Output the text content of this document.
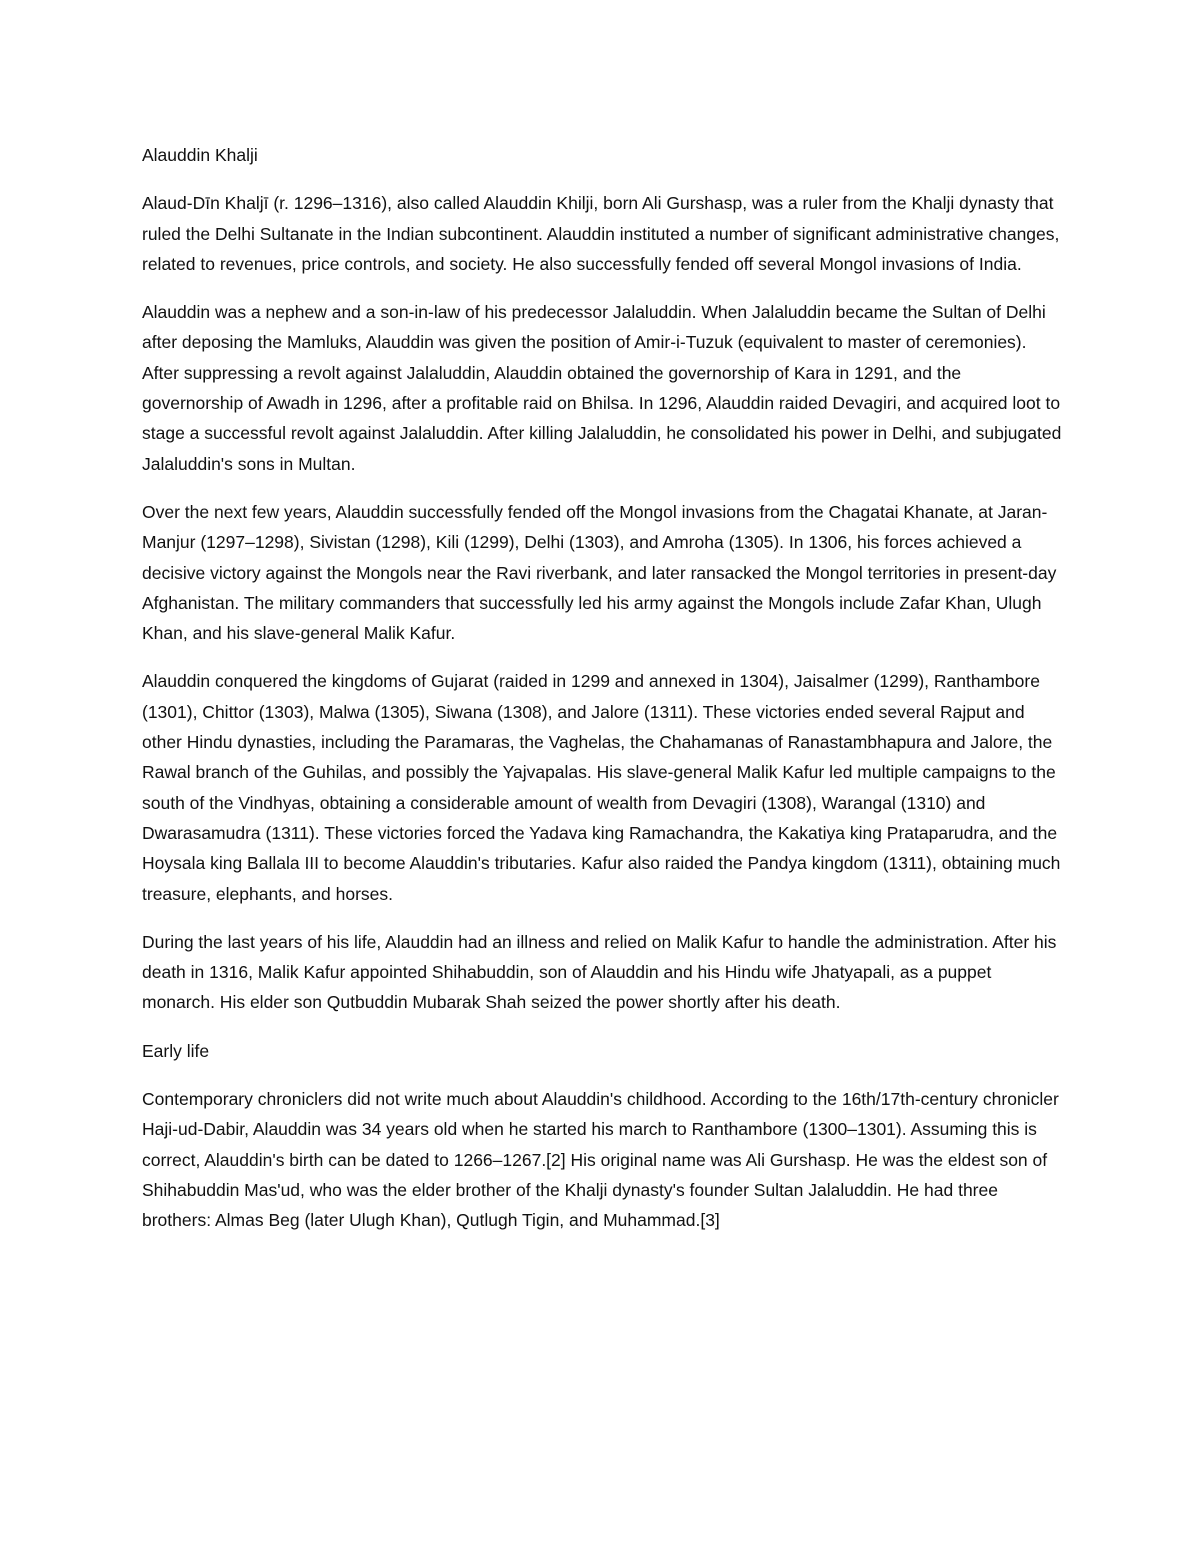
Alauddin Khalji

Alaud-Dīn Khaljī (r. 1296–1316), also called Alauddin Khilji, born Ali Gurshasp, was a ruler from the Khalji dynasty that ruled the Delhi Sultanate in the Indian subcontinent. Alauddin instituted a number of significant administrative changes, related to revenues, price controls, and society. He also successfully fended off several Mongol invasions of India.

Alauddin was a nephew and a son-in-law of his predecessor Jalaluddin. When Jalaluddin became the Sultan of Delhi after deposing the Mamluks, Alauddin was given the position of Amir-i-Tuzuk (equivalent to master of ceremonies). After suppressing a revolt against Jalaluddin, Alauddin obtained the governorship of Kara in 1291, and the governorship of Awadh in 1296, after a profitable raid on Bhilsa. In 1296, Alauddin raided Devagiri, and acquired loot to stage a successful revolt against Jalaluddin. After killing Jalaluddin, he consolidated his power in Delhi, and subjugated Jalaluddin's sons in Multan.

Over the next few years, Alauddin successfully fended off the Mongol invasions from the Chagatai Khanate, at Jaran-Manjur (1297–1298), Sivistan (1298), Kili (1299), Delhi (1303), and Amroha (1305). In 1306, his forces achieved a decisive victory against the Mongols near the Ravi riverbank, and later ransacked the Mongol territories in present-day Afghanistan. The military commanders that successfully led his army against the Mongols include Zafar Khan, Ulugh Khan, and his slave-general Malik Kafur.

Alauddin conquered the kingdoms of Gujarat (raided in 1299 and annexed in 1304), Jaisalmer (1299), Ranthambore (1301), Chittor (1303), Malwa (1305), Siwana (1308), and Jalore (1311). These victories ended several Rajput and other Hindu dynasties, including the Paramaras, the Vaghelas, the Chahamanas of Ranastambhapura and Jalore, the Rawal branch of the Guhilas, and possibly the Yajvapalas. His slave-general Malik Kafur led multiple campaigns to the south of the Vindhyas, obtaining a considerable amount of wealth from Devagiri (1308), Warangal (1310) and Dwarasamudra (1311). These victories forced the Yadava king Ramachandra, the Kakatiya king Prataparudra, and the Hoysala king Ballala III to become Alauddin's tributaries. Kafur also raided the Pandya kingdom (1311), obtaining much treasure, elephants, and horses.

During the last years of his life, Alauddin had an illness and relied on Malik Kafur to handle the administration. After his death in 1316, Malik Kafur appointed Shihabuddin, son of Alauddin and his Hindu wife Jhatyapali, as a puppet monarch. His elder son Qutbuddin Mubarak Shah seized the power shortly after his death.

Early life

Contemporary chroniclers did not write much about Alauddin's childhood. According to the 16th/17th-century chronicler Haji-ud-Dabir, Alauddin was 34 years old when he started his march to Ranthambore (1300–1301). Assuming this is correct, Alauddin's birth can be dated to 1266–1267.[2] His original name was Ali Gurshasp. He was the eldest son of Shihabuddin Mas'ud, who was the elder brother of the Khalji dynasty's founder Sultan Jalaluddin. He had three brothers: Almas Beg (later Ulugh Khan), Qutlugh Tigin, and Muhammad.[3]
